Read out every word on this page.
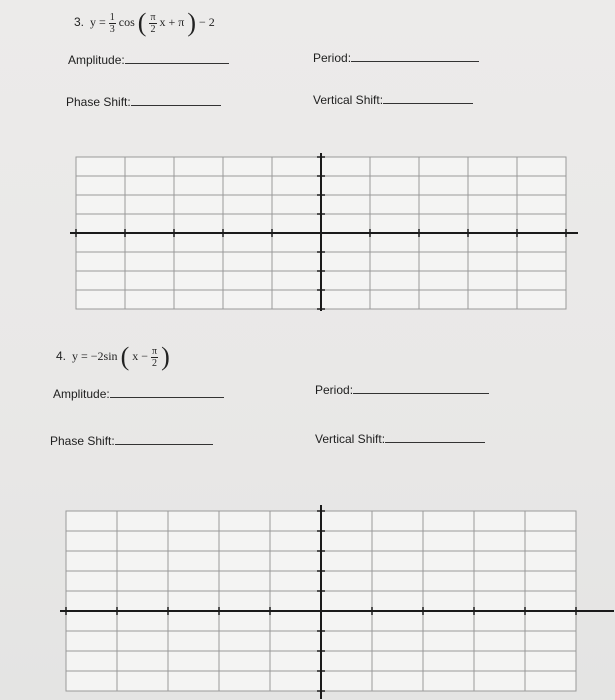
3. $y = \frac{1}{3}$ cos ( $\frac{\pi}{2}$ x + π ) − 2
Amplitude:	Period:
Phase Shift:	Vertical Shift:
4. y = −2sin ( $x - \frac{\pi}{2}$ )
Amplitude:	Period:
Phase Shift:	Vertical Shift:
